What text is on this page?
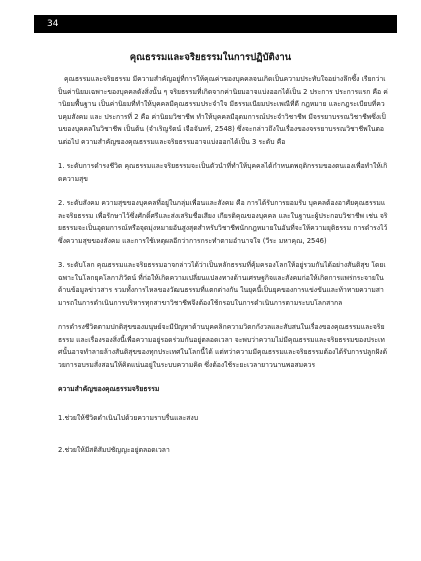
34
คุณธรรมและจริยธรรมในการปฏิบัติงาน

คุณธรรมและจริยธรรม มีความสำคัญอยู่ที่การให้คุณค่าของบุคคลจนเกิดเป็นความประทับใจอย่างลึกซึ้ง เรียกว่าเป็นค่านิยมเฉพาะของบุคคลดังสิ่งนั้น ๆ จริยธรรมที่เกิดจากค่านิยมอาจแบ่งออกได้เป็น 2 ประการ ประการแรก คือ ค่านิยมพื้นฐาน เป็นค่านิยมที่ทำให้บุคคลมีคุณธรรมประจำใจ มีธรรมเนียมประเพณีที่ดี กฎหมาย และกฎระเบียบที่ควบคุมสังคม และ ประการที่ 2 คือ ค่านิยมวิชาชีพ ทำให้บุคคลมีอุดมการณ์ประจำวิชาชีพ มีจรรยาบรรณวิชาชีพซึ่งเป็นของบุคคลในวิชาชีพ เป็นต้น (จำเริญรัตน์ เจือจันทร์, 2548) ซึ่งจะกล่าวถึงในเรื่องของจรรยาบรรณวิชาชีพในตอนต่อไป ความสำคัญของคุณธรรมและจริยธรรมอาจแบ่งออกได้เป็น 3 ระดับ คือ

1. ระดับการดำรงชีวิต คุณธรรมและจริยธรรมจะเป็นตัวนำที่ทำให้บุคคลได้กำหนดพฤติกรรมของตนเองเพื่อทำให้เกิดความสุข

2. ระดับสังคม ความสุขของบุคคลที่อยู่ในกลุ่มเพื่อนและสังคม คือ การได้รับการยอมรับ บุคคลต้องอาศัยคุณธรรมและจริยธรรม เพื่อรักษาไว้ซึ่งศักดิ์ศรีและส่งเสริมชื่อเสียง เกียรติคุณของบุคคล และในฐานะผู้ประกอบวิชาชีพ เช่น จริยธรรมจะเป็นอุดมการณ์หรือจุดมุ่งหมายอันสูงสุดสำหรับวิชาชีพนักกฎหมายในอันที่จะให้ความยุติธรรม การดำรงไว้ซึ่งความสุขของสังคม และการใช้เหตุผลอีกว่าการกระทำตามอำนาจใจ (วีระ มหาคุณ, 2546)

3. ระดับโลก คุณธรรมและจริยธรรมอาจกล่าวได้ว่าเป็นหลักธรรมที่คุ้มครองโลกให้อยู่รวมกันได้อย่างสันติสุข โดยเฉพาะในโลกยุคโลกาภิวัตน์ ที่ก่อให้เกิดความเปลี่ยนแปลงทางด้านเศรษฐกิจและสังคมก่อให้เกิดการแพร่กระจายในด้านข้อมูลข่าวสาร รวมทั้งการไหลของวัฒนธรรมที่แตกต่างกัน ในยุคนี้เป็นยุคของการแข่งขันและท้าทายความสามารถในการดำเนินการบริหารทุกสาขาวิชาชีพจึงต้องใช้กรอบในการดำเนินการตามระบบโลกสากล

การดำรงชีวิตตามปกติสุขของมนุษย์จะมีปัญหาด้านบุคคลิกความวิตกกังวลและสับสนในเรื่องของคุณธรรมและจริยธรรม และเรื่องรองสิ่งนี้เพื่อความอยู่รอดร่วมกันอยู่ตลอดเวลา จะพบว่าความไม่มีคุณธรรมและจริยธรรมของประเทศนั้นอาจทำลายล้างสันติสุขของทุกประเทศในโลกนี้ได้ แต่ทว่าความมีคุณธรรมและจริยธรรมต้องได้รับการปลูกฝังด้วยการอบรมสั่งสอนให้คิดแน่นอยู่ในระบบความคิด ซึ่งต้องใช้ระยะเวลายาวนานพอสมควร

ความสำคัญของคุณธรรมจริยธรรม

1.ช่วยให้ชีวิตดำเนินไปด้วยความราบรื่นและสงบ

2.ช่วยให้มีสติสัมปชัญญะอยู่ตลอดเวลา
